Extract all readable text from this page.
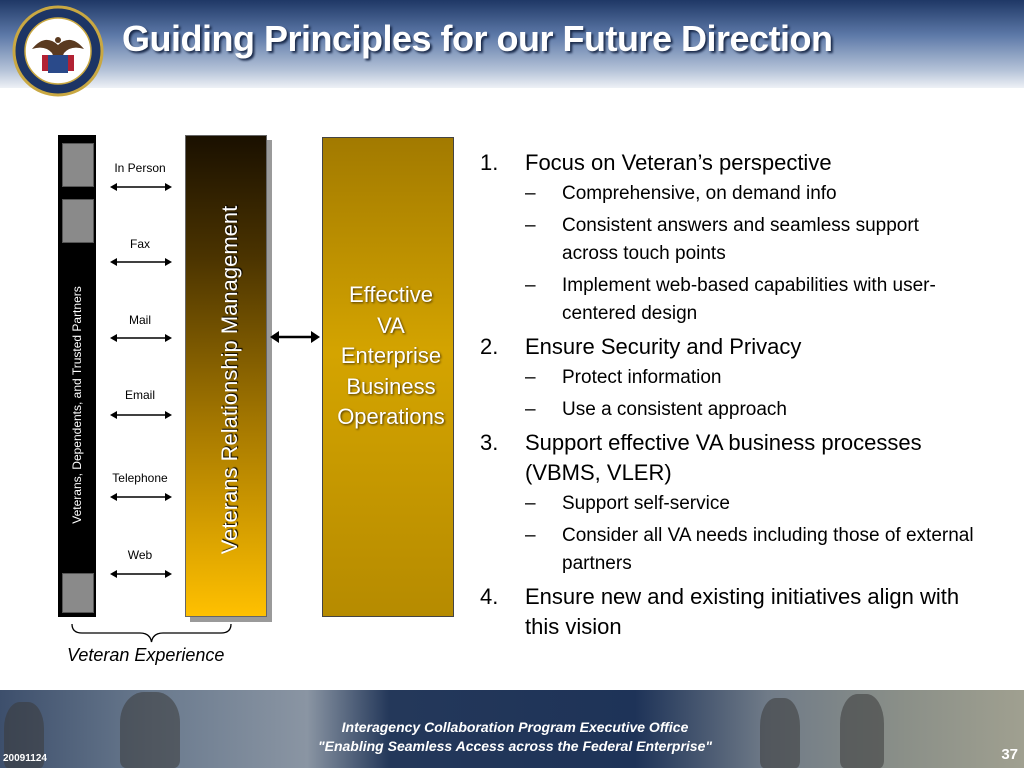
Guiding Principles for our Future Direction
Veterans, Dependents, and Trusted Partners
In Person
Fax
Mail
Email
Telephone
Web
Veterans Relationship Management	Effective
VA
Enterprise
Business
Operations
Veteran Experience
1. Focus on Veteran’s perspective
– Comprehensive, on demand info
– Consistent answers and seamless support across touch points
– Implement web-based capabilities with user-centered design
2. Ensure Security and Privacy
– Protect information
– Use a consistent approach
3. Support effective VA business processes (VBMS, VLER)
– Support self-service
– Consider all VA needs including those of external partners
4. Ensure new and existing initiatives align with this vision
Interagency Collaboration Program Executive Office
"Enabling Seamless Access across the Federal Enterprise"
20091124	37
